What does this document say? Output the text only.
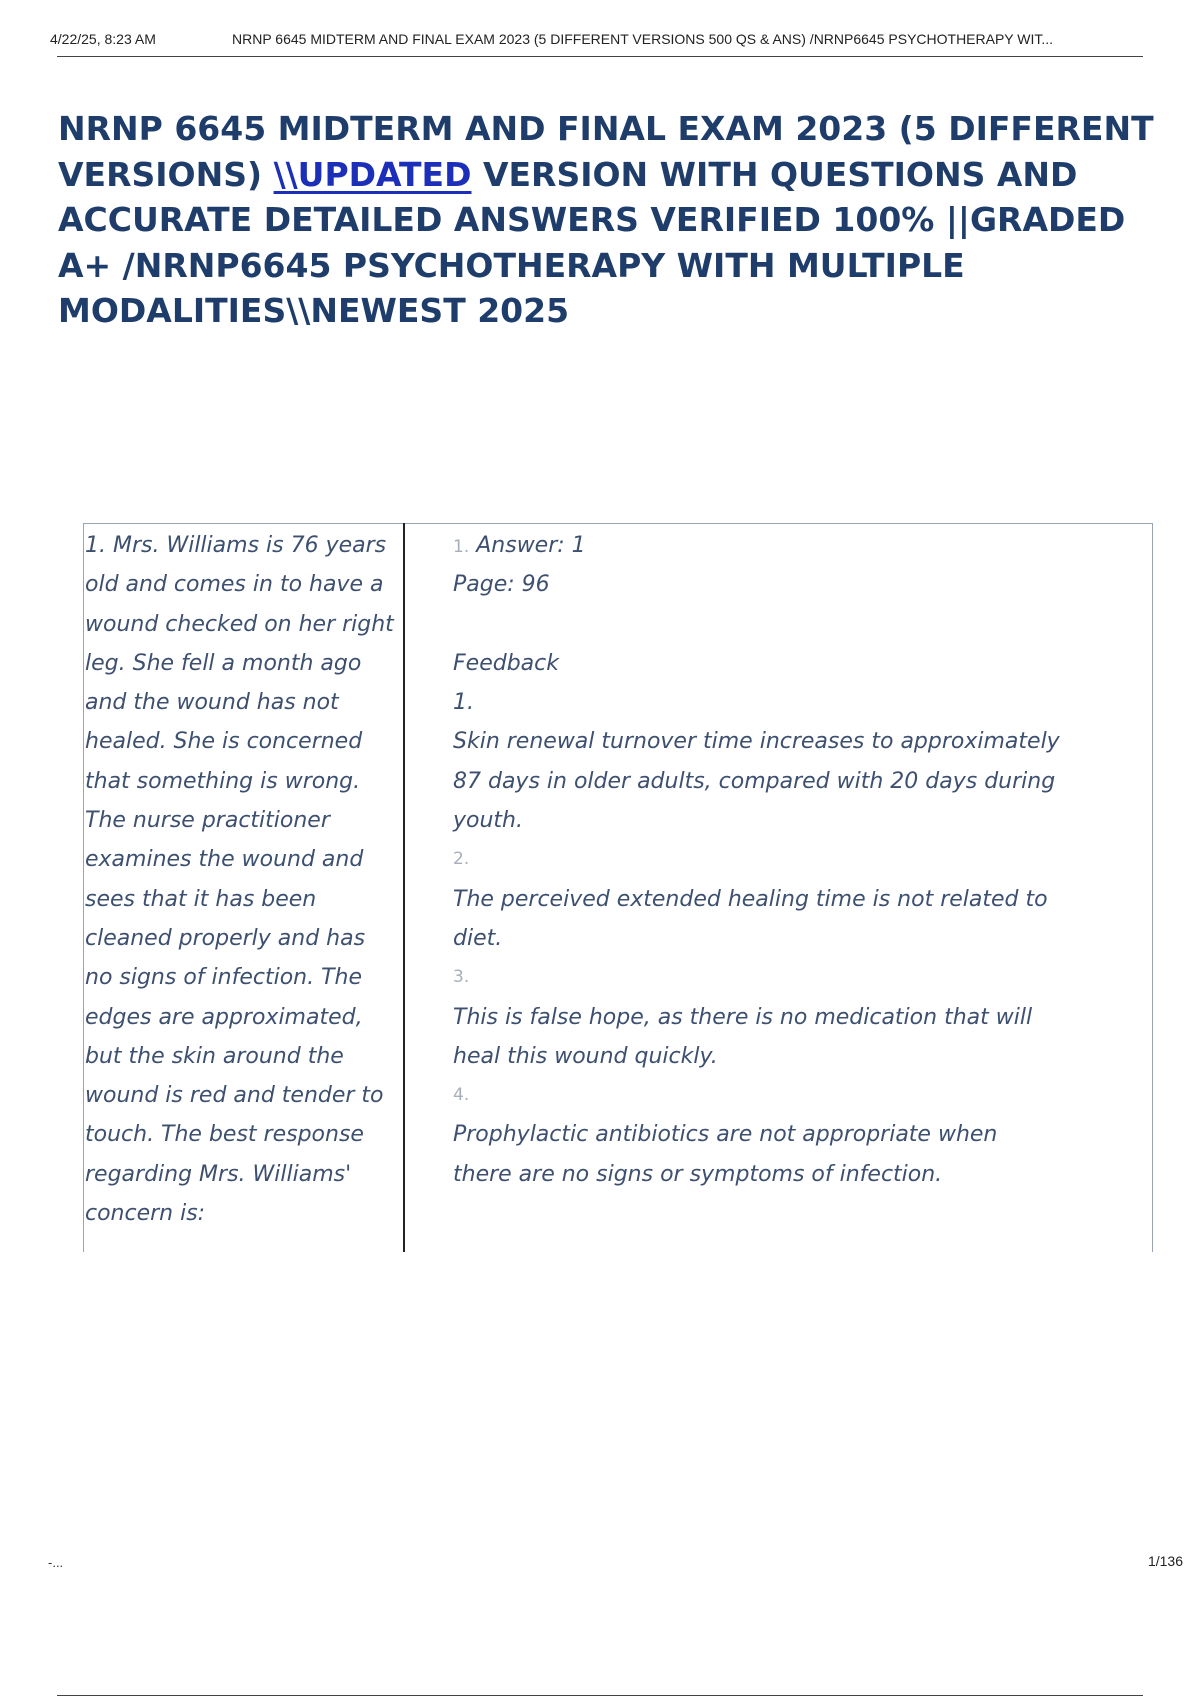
4/22/25, 8:23 AM	NRNP 6645 MIDTERM AND FINAL EXAM 2023 (5 DIFFERENT VERSIONS 500 QS & ANS) /NRNP6645 PSYCHOTHERAPY WIT...
NRNP 6645 MIDTERM AND FINAL EXAM 2023 (5 DIFFERENT VERSIONS) \\UPDATED VERSION WITH QUESTIONS AND ACCURATE DETAILED ANSWERS VERIFIED 100% ||GRADED A+ /NRNP6645 PSYCHOTHERAPY WITH MULTIPLE MODALITIES\\NEWEST 2025

1. Mrs. Williams is 76 years old and comes in to have a wound checked on her right leg. She fell a month ago and the wound has not healed. She is concerned that something is wrong. The nurse practitioner examines the wound and sees that it has been cleaned properly and has no signs of infection. The edges are approximated, but the skin around the wound is red and tender to touch. The best response regarding Mrs. Williams' concern is:

1. Answer: 1
Page: 96
Feedback
1.
Skin renewal turnover time increases to approximately
87 days in older adults, compared with 20 days during
youth.
2.
The perceived extended healing time is not related to
diet.
3.
This is false hope, as there is no medication that will
heal this wound quickly.
4.
Prophylactic antibiotics are not appropriate when
there are no signs or symptoms of infection.
-...	1/136
